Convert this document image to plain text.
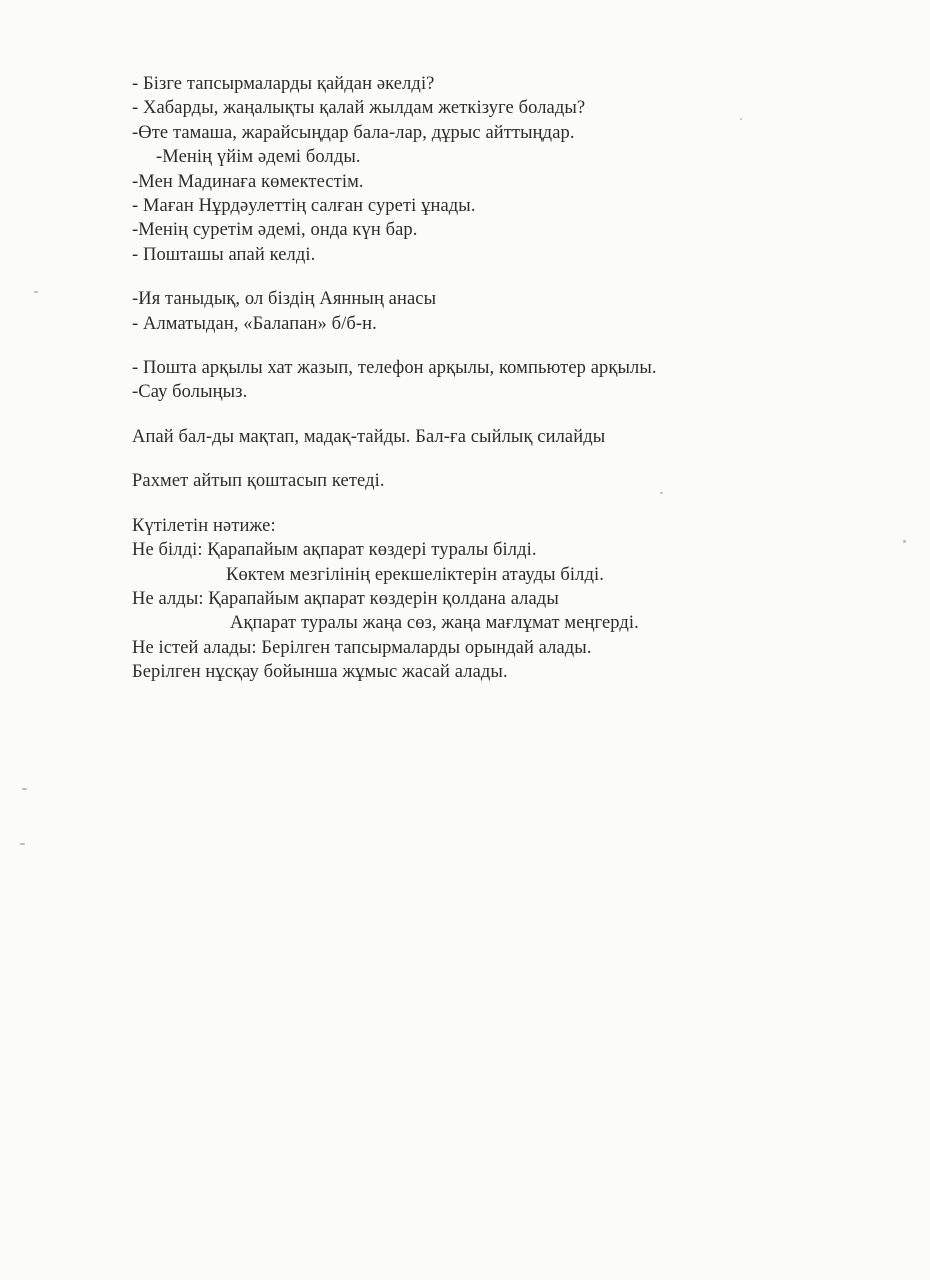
- Бізге тапсырмаларды қайдан әкелді?
- Хабарды, жаңалықты қалай жылдам жеткізуге болады?
-Өте тамаша, жарайсыңдар бала-лар, дұрыс айттыңдар.
-Менің үйім әдемі болды.
-Мен Мадинаға көмектестім.
- Маған Нұрдәулеттің салған суреті ұнады.
-Менің суретім әдемі, онда күн бар.
- Пошташы апай келді.
-Ия таныдық, ол біздің Аянның анасы
- Алматыдан, «Балапан» б/б-н.
- Пошта арқылы хат жазып, телефон арқылы, компьютер арқылы.
-Сау болыңыз.
Апай бал-ды мақтап, мадақ-тайды. Бал-ға сыйлық силайды
Рахмет айтып қоштасып кетеді.
Күтілетін нәтиже:
Не білді: Қарапайым ақпарат көздері туралы білді.
Көктем мезгілінің ерекшеліктерін атауды білді.
Не алды: Қарапайым ақпарат көздерін қолдана алады
Ақпарат туралы жаңа сөз, жаңа мағлұмат меңгерді.
Не істей алады: Берілген тапсырмаларды орындай алады.
Берілген нұсқау бойынша жұмыс жасай алады.
